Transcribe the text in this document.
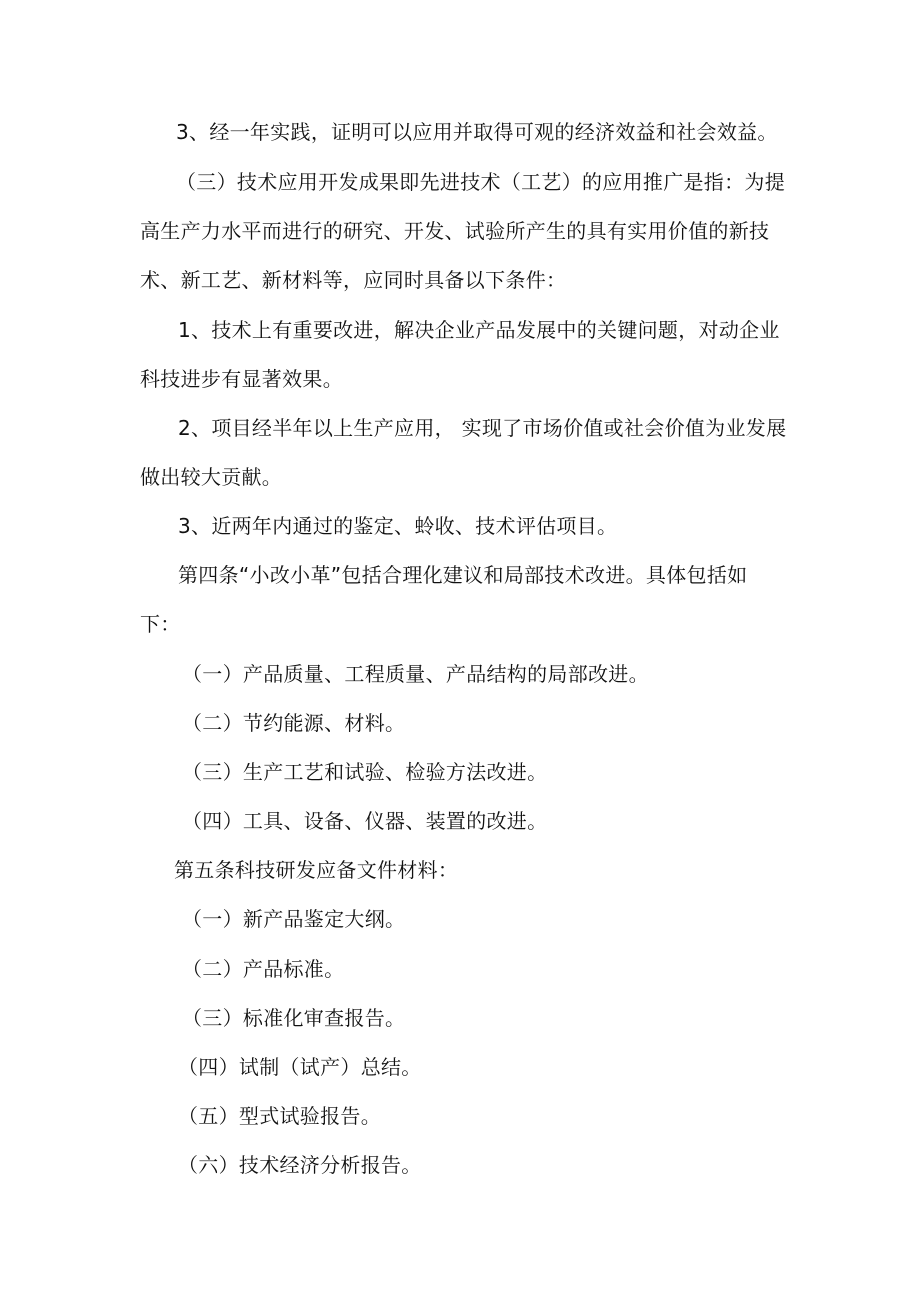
3、经一年实践，证明可以应用并取得可观的经济效益和社会效益。
（三）技术应用开发成果即先进技术（工艺）的应用推广是指：为提
高生产力水平而进行的研究、开发、试验所产生的具有实用价值的新技
术、新工艺、新材料等，应同时具备以下条件：
1、技术上有重要改进，解决企业产品发展中的关键问题，对动企业
科技进步有显著效果。
2、项目经半年以上生产应用， 实现了市场价值或社会价值为业发展
做出较大贡献。
3、近两年内通过的鉴定、蛉收、技术评估项目。
第四条“小改小革”包括合理化建议和局部技术改进。具体包括如
下：
（一）产品质量、工程质量、产品结构的局部改进。
（二）节约能源、材料。
（三）生产工艺和试验、检验方法改进。
（四）工具、设备、仪器、装置的改进。
第五条科技研发应备文件材料：
（一）新产品鉴定大纲。
（二）产品标准。
（三）标准化审查报告。
（四）试制（试产）总结。
（五）型式试验报告。
（六）技术经济分析报告。
